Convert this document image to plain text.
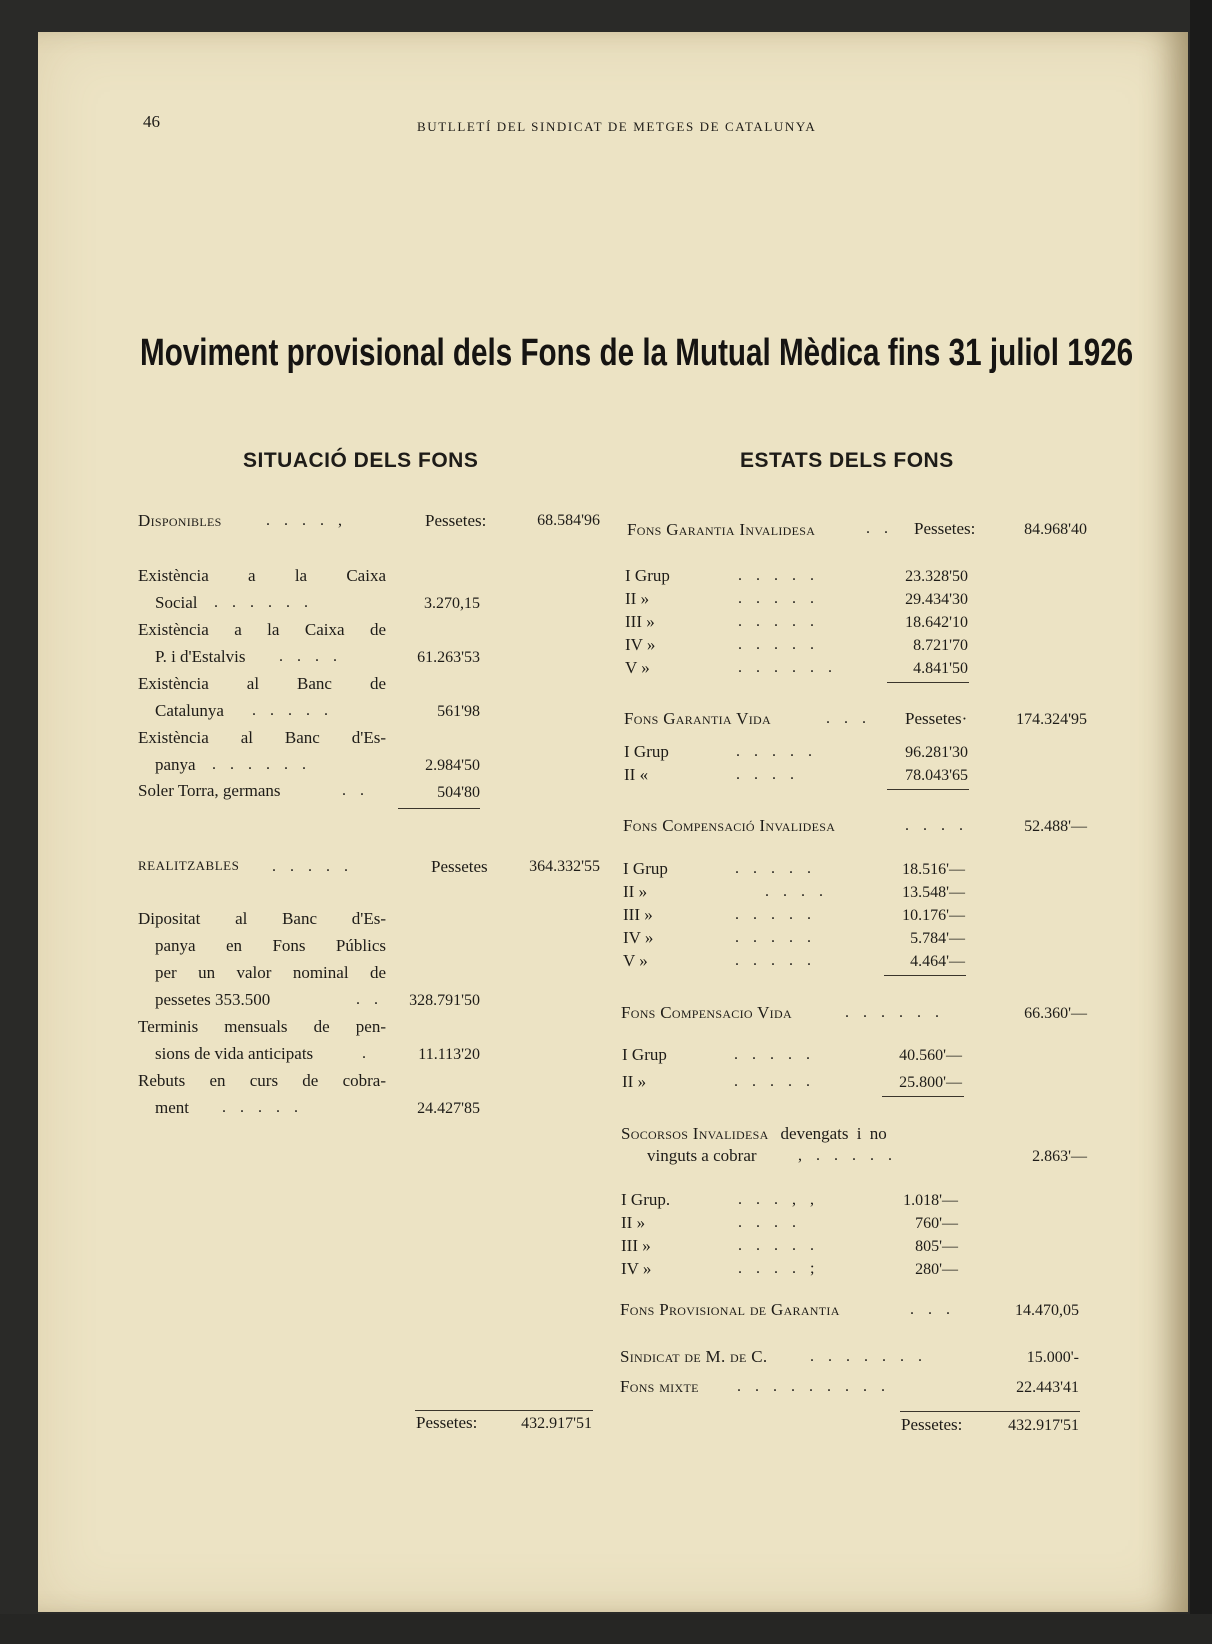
46	BUTLLETÍ DEL SINDICAT DE METGES DE CATALUNYA
Moviment provisional dels Fons de la Mutual Mèdica fins 31 juliol 1926
SITUACIÓ DELS FONS	ESTATS DELS FONS
Disponibles	. . . . ,	Pessetes:	68.584'96
Existència a la Caixa
Social . . . . . .	3.270,15
Existència a la Caixa de
P. i d'Estalvis . . . .	61.263'53
Existència al Banc de
Catalunya . . . . .	561'98
Existència al Banc d'Es-
panya . . . . . .	2.984'50
Soler Torra, germans	. .	504'80
REALITZABLES . . . . .	Pessetes	364.332'55
Dipositat al Banc d'Es-
panya en Fons Públics
per un valor nominal de
pessetes 353.500	. .	328.791'50
Terminis mensuals de pen-
sions de vida anticipats	.	11.113'20
Rebuts en curs de cobra-
ment . . . . .	24.427'85
Pessetes:	432.917'51
Fons Garantia Invalidesa	. . Pessetes:	84.968'40
I Grup	. . . . .	23.328'50
II »	. . . . .	29.434'30
III »	. . . . .	18.642'10
IV »	. . . . .	8.721'70
V »	. . . . . .	4.841'50
Fons Garantia Vida	. . . Pessetes·	174.324'95
I Grup	. . . . .	96.281'30
II «	. . . .	78.043'65
Fons Compensació Invalidesa	. . . .	52.488'—
I Grup	. . . . .	18.516'—
II »	. . . .	13.548'—
III »	. . . . .	10.176'—
IV »	. . . . .	5.784'—
V »	. . . . .	4.464'—
Fons Compensacio Vida	. . . . . .	66.360'—
I Grup	. . . . .	40.560'—
II »	. . . . .	25.800'—
Socorsos Invalidesa devengats i no
vinguts a cobrar	, . . . . .	2.863'—
I Grup.	. . . , ,	1.018'—
II »	. . . .	760'—
III »	. . . . .	805'—
IV »	. . . . ;	280'—
Fons Provisional de Garantia	. . .	14.470,05
Sindicat de M. de C.	. . . . . . .	15.000'-
Fons mixte . . . . . . . . .	22.443'41
Pessetes:	432.917'51
